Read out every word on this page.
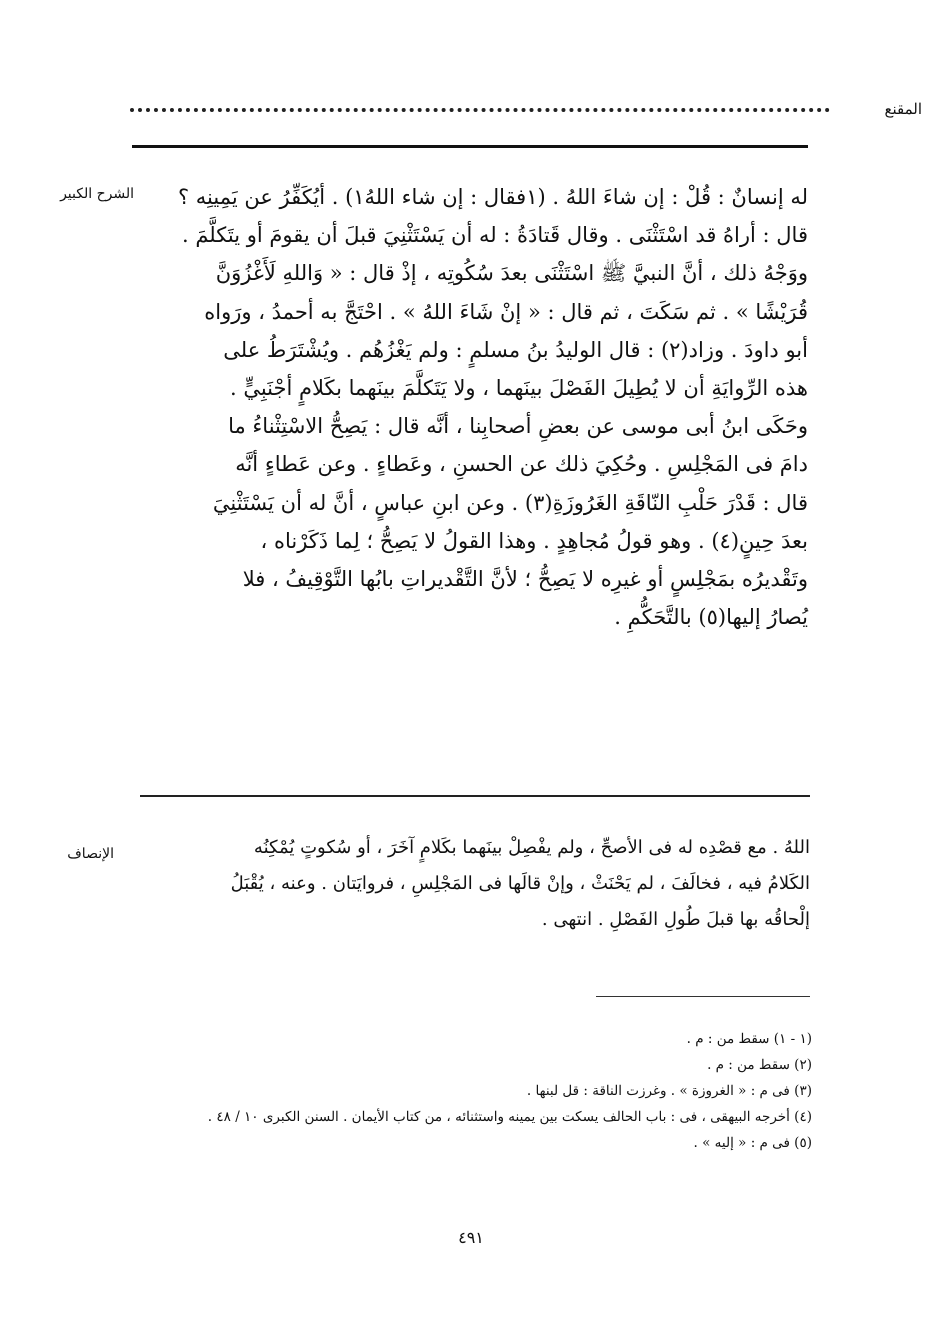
المقنع
الشرح الكبير	له إنسانٌ : قُلْ : إن شاءَ اللهُ . (١فقال : إن شاء اللهُ١) . أيُكَفِّرُ عن يَمِينِه ؟

قال : أراهُ قد اسْتَثْنَى . وقال قَتادَةُ : له أن يَسْتَثْنِيَ قبلَ أن يقومَ أو يتَكلَّمَ .

ووَجْهُ ذلك ، أنَّ النبيَّ ﷺ اسْتَثْنَى بعدَ سُكُوتِه ، إذْ قال : « وَاللهِ لَأَغْزُوَنَّ

قُرَيْشًا » . ثم سَكَتَ ، ثم قال : « إنْ شَاءَ اللهُ » . احْتَجَّ به أحمدُ ، ورَواه

أبو داودَ . وزاد(٢) : قال الوليدُ بنُ مسلمٍ : ولم يَغْزُهُم . ويُشْتَرَطُ على

هذه الرِّوايَةِ أن لا يُطِيلَ الفَصْلَ بينَهما ، ولا يَتَكلَّمَ بينَهما بكَلامٍ أجْنَبِيٍّ .

وحَكَى ابنُ أبى موسى عن بعضِ أصحابِنا ، أنَّه قال : يَصِحُّ الاسْتِثْناءُ ما

دامَ فى المَجْلِسِ . وحُكِيَ ذلك عن الحسنِ ، وعَطاءٍ . وعن عَطاءٍ أنَّه

قال : قَدْرَ حَلْبِ النّاقَةِ الغَرُوزَةِ(٣) . وعن ابنِ عباسٍ ، أنَّ له أن يَسْتَثْنِيَ

بعدَ حِينٍ(٤) . وهو قولُ مُجاهِدٍ . وهذا القولُ لا يَصِحُّ ؛ لِما ذَكَرْناه ،

وتَقْديرُه بمَجْلِسٍ أو غيرِه لا يَصِحُّ ؛ لأنَّ التَّقْديراتِ بابُها التَّوْقِيفُ ، فلا

يُصارُ إليها(٥) بالتَّحَكُّمِ .

الإنصاف	اللهُ . مع قصْدِه له فى الأصحِّ ، ولم يفْصِلْ بينَهما بكَلامٍ آخَرَ ، أو سُكوتٍ يُمْكِنُه

الكَلامُ فيه ، فخالَفَ ، لم يَحْنَثْ ، وإنْ قالَها فى المَجْلِسِ ، فروايَتان . وعنه ، يُقْبَلُ

إلْحاقُه بها قبلَ طُولِ الفَصْلِ . انتهى .

(١ - ١) سقط من : م .
(٢) سقط من : م .
(٣) فى م : « الغروزة » . وغرزت الناقة : قل لبنها .
(٤) أخرجه البيهقى ، فى : باب الحالف يسكت بين يمينه واستثنائه ، من كتاب الأيمان . السنن الكبرى ١٠ / ٤٨ .
(٥) فى م : « إليه » .
٤٩١
